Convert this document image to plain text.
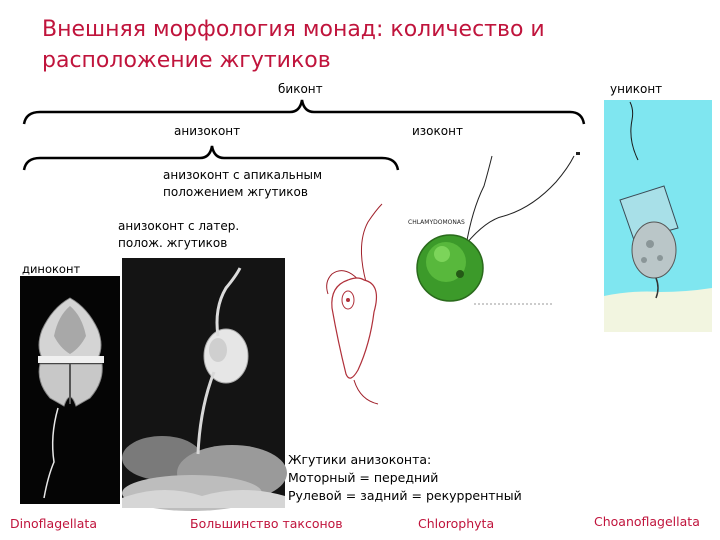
Внешняя морфология монад: количество и расположение жгутиков
биконт	униконт
анизоконт	изоконт
анизоконт с апикальным
положением жгутиков
анизоконт с латер.
полож. жгутиков
диноконт
CHLAMYDOMONAS
Жгутики анизоконта:
Моторный = передний
Рулевой = задний = рекуррентный
Dinoflagellata	Большинство таксонов	Chlorophyta	Choanoflagellata
